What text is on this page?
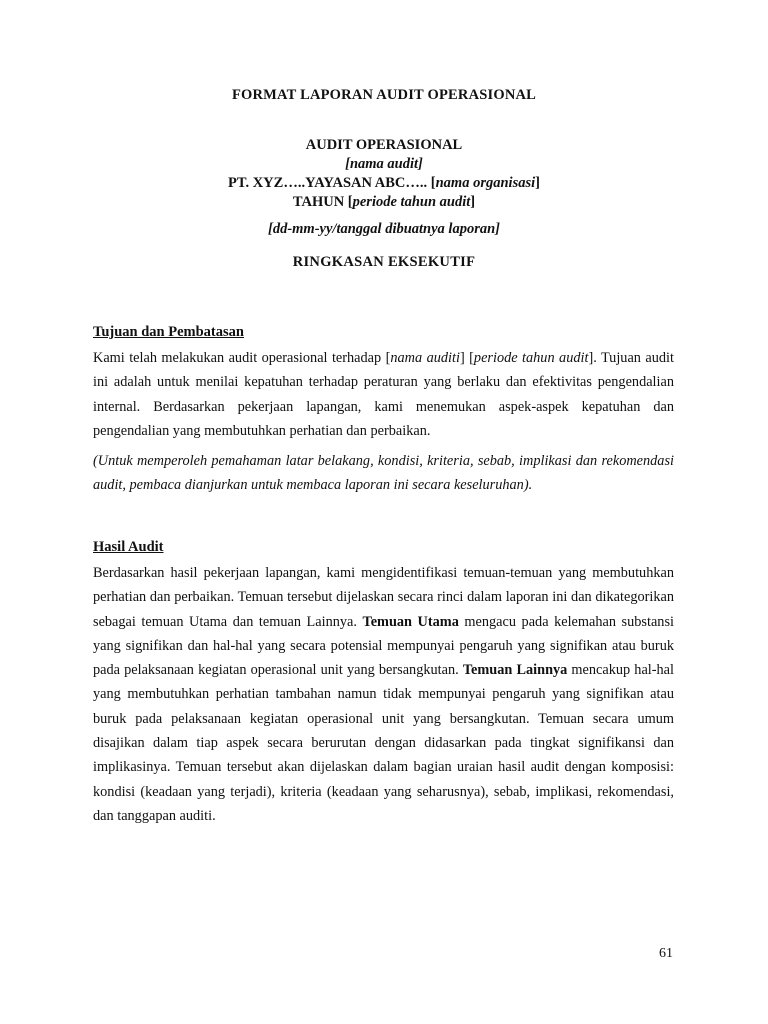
FORMAT LAPORAN AUDIT OPERASIONAL
AUDIT OPERASIONAL
[nama audit]
PT. XYZ…..YAYASAN ABC….. [nama organisasi]
TAHUN [periode tahun audit]
[dd-mm-yy/tanggal dibuatnya laporan]
RINGKASAN EKSEKUTIF
Tujuan dan Pembatasan
Kami telah melakukan audit operasional terhadap [nama auditi] [periode tahun audit]. Tujuan audit ini adalah untuk menilai kepatuhan terhadap peraturan yang berlaku dan efektivitas pengendalian internal. Berdasarkan pekerjaan lapangan, kami menemukan aspek-aspek kepatuhan dan pengendalian yang membutuhkan perhatian dan perbaikan.
(Untuk memperoleh pemahaman latar belakang, kondisi, kriteria, sebab, implikasi dan rekomendasi audit, pembaca dianjurkan untuk membaca laporan ini secara keseluruhan).
Hasil Audit
Berdasarkan hasil pekerjaan lapangan, kami mengidentifikasi temuan-temuan yang membutuhkan perhatian dan perbaikan. Temuan tersebut dijelaskan secara rinci dalam laporan ini dan dikategorikan sebagai temuan Utama dan temuan Lainnya. Temuan Utama mengacu pada kelemahan substansi yang signifikan dan hal-hal yang secara potensial mempunyai pengaruh yang signifikan atau buruk pada pelaksanaan kegiatan operasional unit yang bersangkutan. Temuan Lainnya mencakup hal-hal yang membutuhkan perhatian tambahan namun tidak mempunyai pengaruh yang signifikan atau buruk pada pelaksanaan kegiatan operasional unit yang bersangkutan. Temuan secara umum disajikan dalam tiap aspek secara berurutan dengan didasarkan pada tingkat signifikansi dan implikasinya. Temuan tersebut akan dijelaskan dalam bagian uraian hasil audit dengan komposisi: kondisi (keadaan yang terjadi), kriteria (keadaan yang seharusnya), sebab, implikasi, rekomendasi, dan tanggapan auditi.
61
